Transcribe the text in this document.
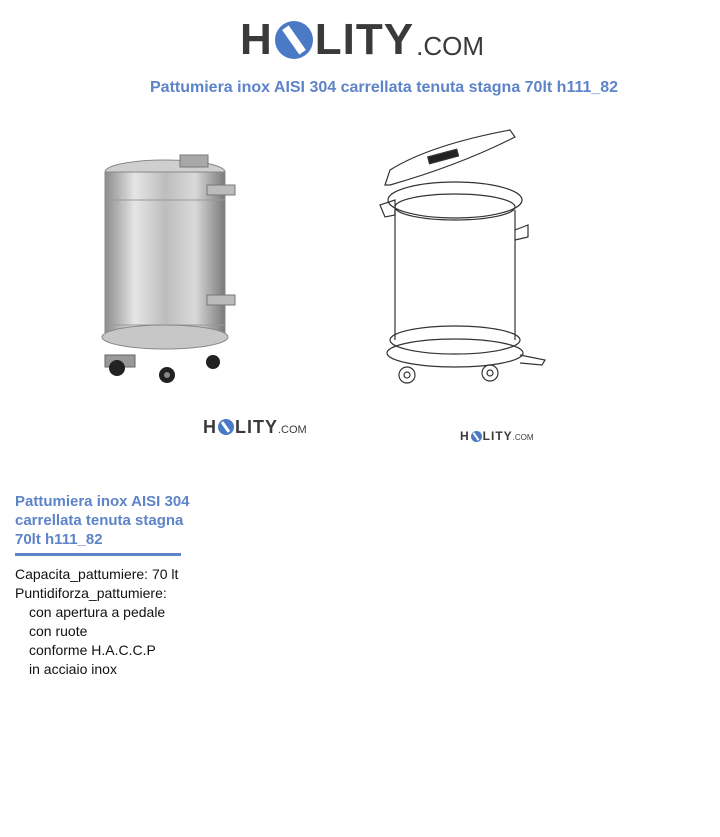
H LITY .COM
Pattumiera inox AISI 304 carrellata tenuta stagna 70lt h111_82
H LITY .COM	H LITY .COM
Pattumiera inox AISI 304 carrellata tenuta stagna 70lt h111_82
Capacita_pattumiere: 70 lt
Puntidiforza_pattumiere:
con apertura a pedale
con ruote
conforme H.A.C.C.P
in acciaio inox
